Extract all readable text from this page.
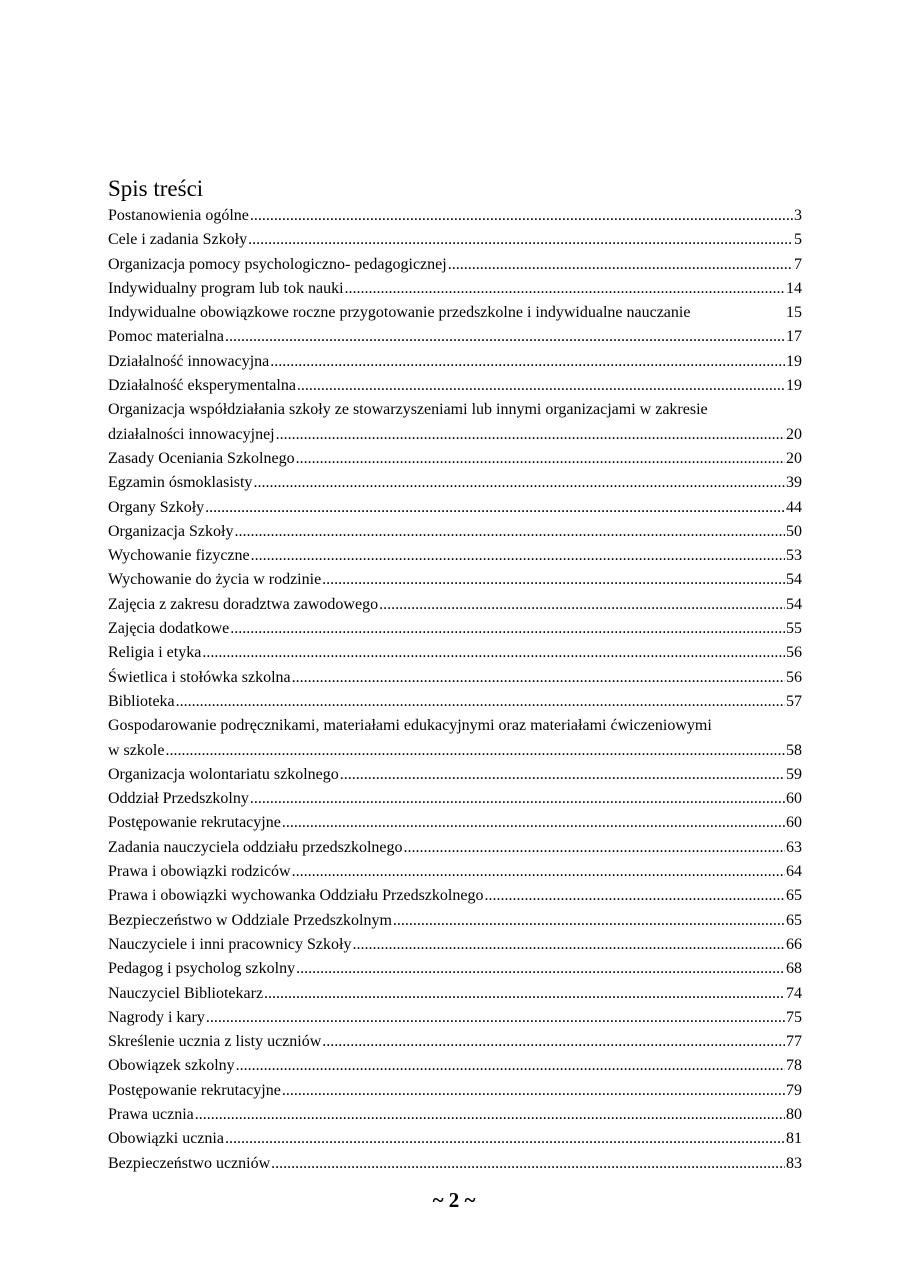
Spis treści
Postanowienia ogólne .....	3
Cele i zadania Szkoły .....	5
Organizacja pomocy psychologiczno- pedagogicznej .....	7
Indywidualny program lub tok nauki .....	14
Indywidualne obowiązkowe roczne przygotowanie przedszkolne i indywidualne nauczanie	15
Pomoc materialna .....	17
Działalność innowacyjna .....	19
Działalność eksperymentalna .....	19
Organizacja współdziałania szkoły ze stowarzyszeniami lub innymi organizacjami w zakresie
działalności innowacyjnej .....	20
Zasady Oceniania Szkolnego .....	20
Egzamin ósmoklasisty .....	39
Organy Szkoły .....	44
Organizacja Szkoły .....	50
Wychowanie fizyczne .....	53
Wychowanie do życia w rodzinie .....	54
Zajęcia z zakresu doradztwa zawodowego .....	54
Zajęcia dodatkowe .....	55
Religia i etyka .....	56
Świetlica i stołówka szkolna .....	56
Biblioteka .....	57
Gospodarowanie podręcznikami, materiałami edukacyjnymi oraz materiałami ćwiczeniowymi
w szkole .....	58
Organizacja wolontariatu szkolnego .....	59
Oddział Przedszkolny .....	60
Postępowanie rekrutacyjne .....	60
Zadania nauczyciela oddziału przedszkolnego .....	63
Prawa i obowiązki rodziców .....	64
Prawa i obowiązki wychowanka Oddziału Przedszkolnego .....	65
Bezpieczeństwo w Oddziale Przedszkolnym .....	65
Nauczyciele i inni pracownicy Szkoły .....	66
Pedagog i psycholog szkolny .....	68
Nauczyciel Bibliotekarz .....	74
Nagrody i kary .....	75
Skreślenie ucznia z listy uczniów .....	77
Obowiązek szkolny .....	78
Postępowanie rekrutacyjne .....	79
Prawa ucznia .....	80
Obowiązki ucznia .....	81
Bezpieczeństwo uczniów .....	83
~ 2 ~
